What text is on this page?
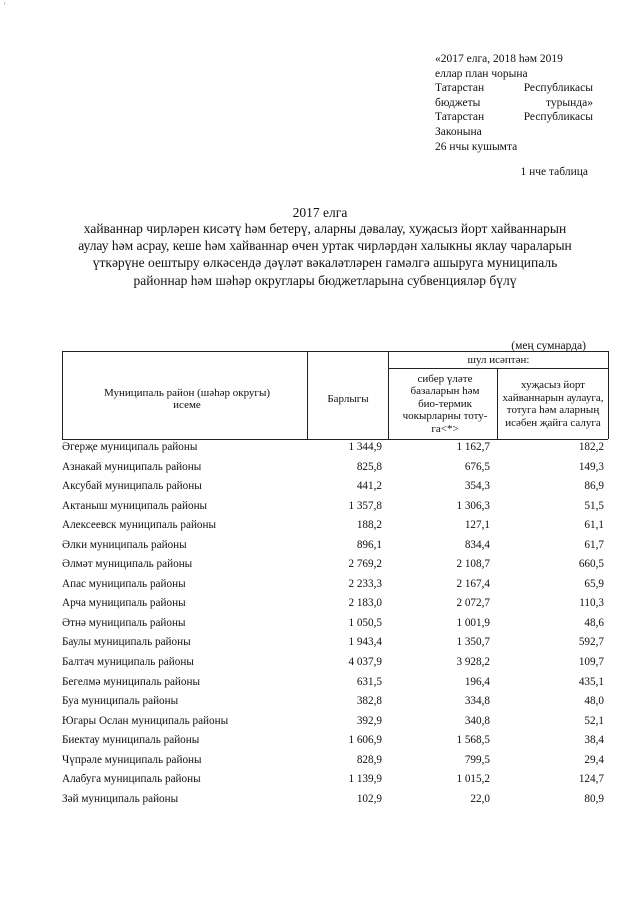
'
«2017 елга, 2018 һәм 2019
еллар план чорына
Татарстан	Республикасы
бюджеты	турында»
Татарстан	Республикасы
Законына
26 нчы кушымта
1 нче таблица
2017 елга
хайваннар чирләрен кисәтү һәм бетерү, аларны дәвалау, хуҗасыз йорт хайваннарын аулау һәм асрау, кеше һәм хайваннар өчен уртак чирләрдән халыкны яклау чараларын үткәрүне оештыру өлкәсендә дәүләт вәкаләтләрен гамәлгә ашыруга муниципаль районнар һәм шәһәр округлары бюджетларына субвенцияләр бүлү
(мең сумнарда)
Муниципаль район (шәһәр округы) исеме
Барлыгы
шул исәптән:
сибер үләте базаларын һәм био-термик чокырларны тоту-га<*>
хуҗасыз йорт хайваннарын аулауга, тотуга һәм аларның исәбен җайга салуга
Әгерҗе муниципаль районы	1 344,9	1 162,7	182,2
Азнакай муниципаль районы	825,8	676,5	149,3
Аксубай муниципаль районы	441,2	354,3	86,9
Актаныш муниципаль районы	1 357,8	1 306,3	51,5
Алексеевск муниципаль районы	188,2	127,1	61,1
Әлки муниципаль районы	896,1	834,4	61,7
Әлмәт муниципаль районы	2 769,2	2 108,7	660,5
Апас муниципаль районы	2 233,3	2 167,4	65,9
Арча муниципаль районы	2 183,0	2 072,7	110,3
Әтнә муниципаль районы	1 050,5	1 001,9	48,6
Баулы муниципаль районы	1 943,4	1 350,7	592,7
Балтач муниципаль районы	4 037,9	3 928,2	109,7
Бегелмә муниципаль районы	631,5	196,4	435,1
Буа муниципаль районы	382,8	334,8	48,0
Югары Ослан муниципаль районы	392,9	340,8	52,1
Биектау муниципаль районы	1 606,9	1 568,5	38,4
Чүпрәле муниципаль районы	828,9	799,5	29,4
Алабуга муниципаль районы	1 139,9	1 015,2	124,7
Зәй муниципаль районы	102,9	22,0	80,9
